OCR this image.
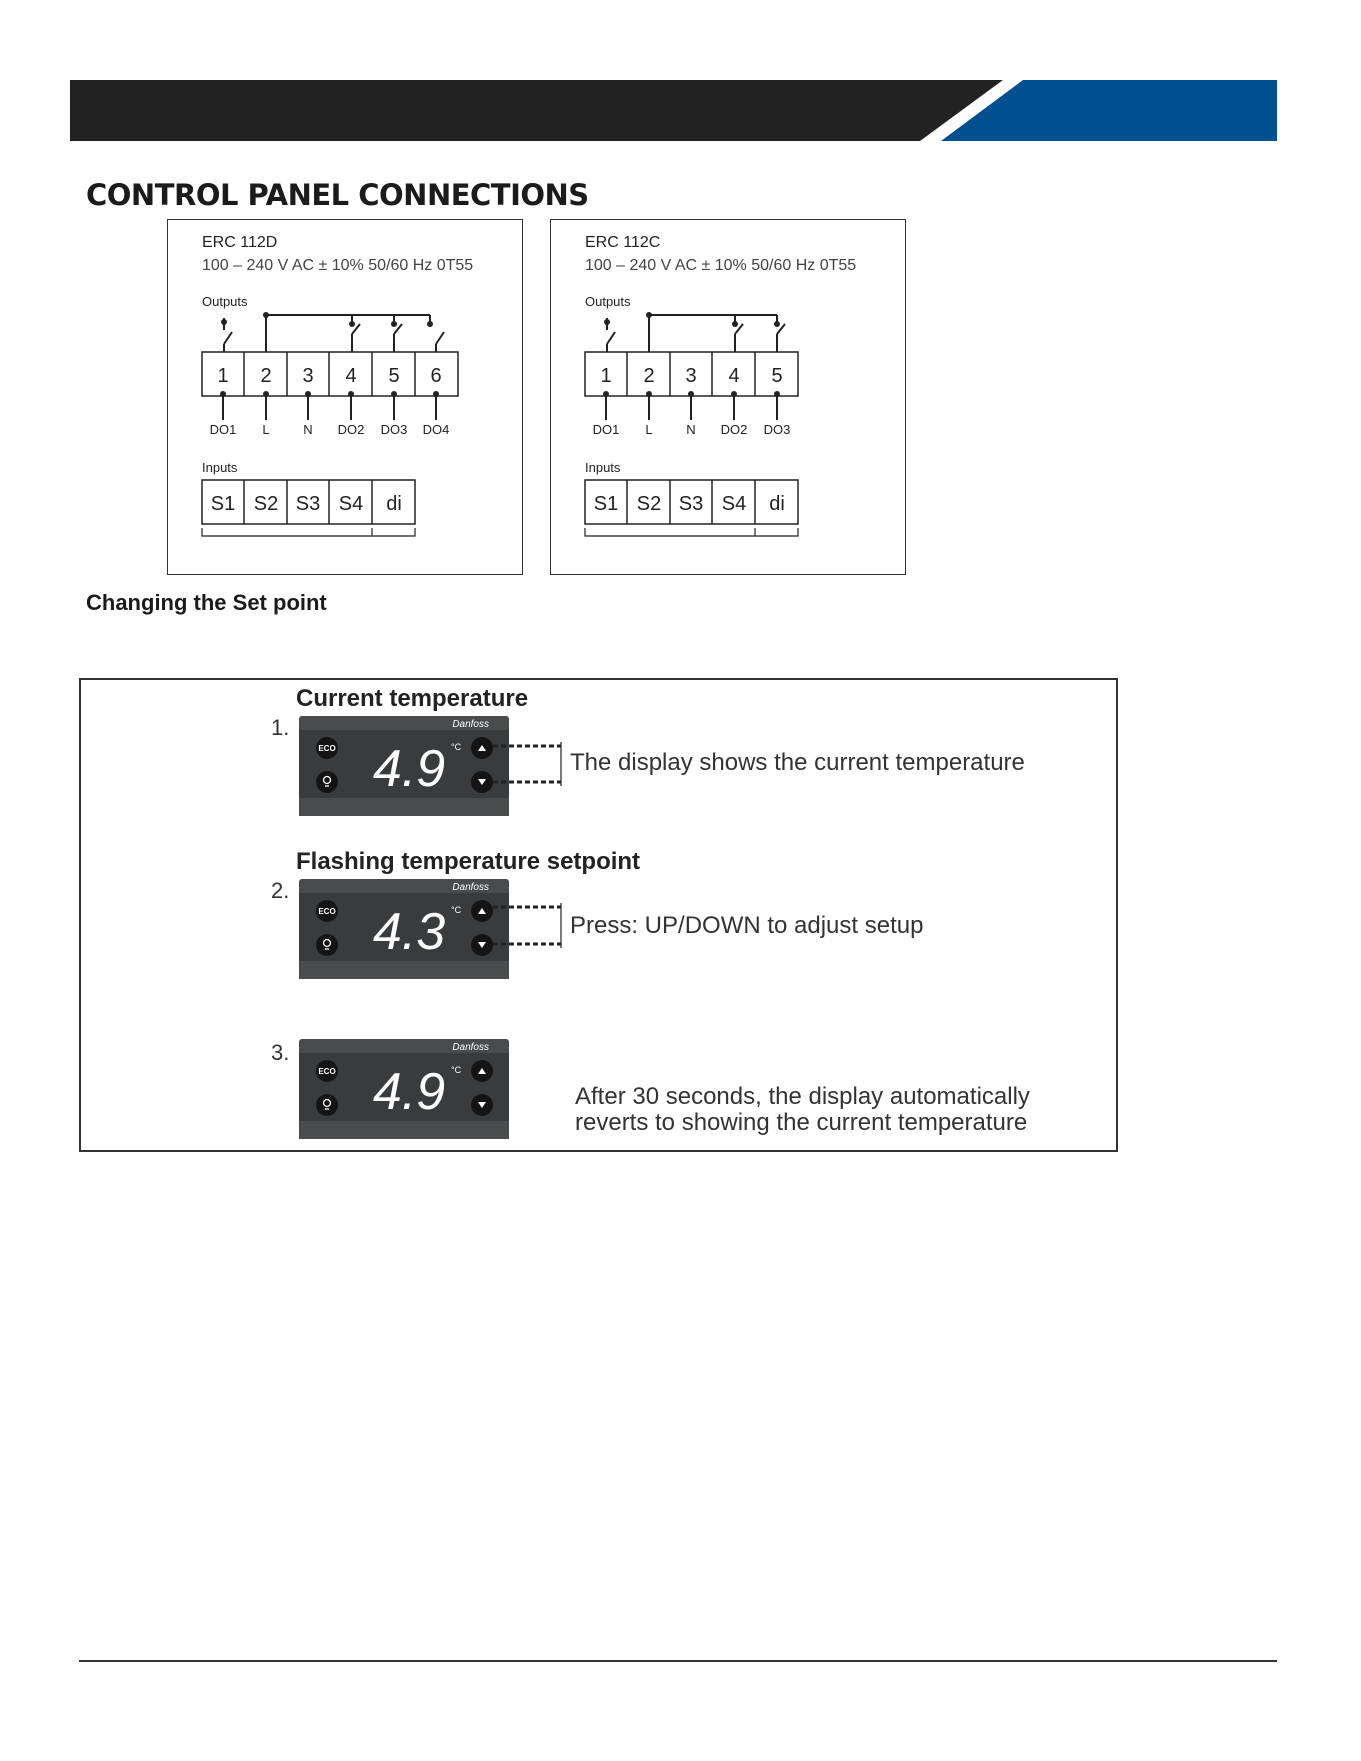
CONTROL PANEL CONNECTIONS
ERC 112D
100 – 240 V AC ± 10% 50/60 Hz 0T55
Outputs
1 2 3 4 5 6
DO1 L	N DO2 DO3 DO4
Inputs
S1 S2 S3 S4 di
ERC 112C
100 – 240 V AC ± 10% 50/60 Hz 0T55
Outputs
1 2 3 4 5
DO1 L	N DO2 DO3
Inputs
S1 S2 S3 S4 di
Changing the Set point
Current temperature
1.
ECO
Danfoss
4.9 °C
The display shows the current temperature
Flashing temperature setpoint
2.
ECO
Danfoss
4.3 °C
Press: UP/DOWN to adjust setup
3.
ECO
Danfoss
4.9 °C
After 30 seconds, the display automatically
reverts to showing the current temperature
